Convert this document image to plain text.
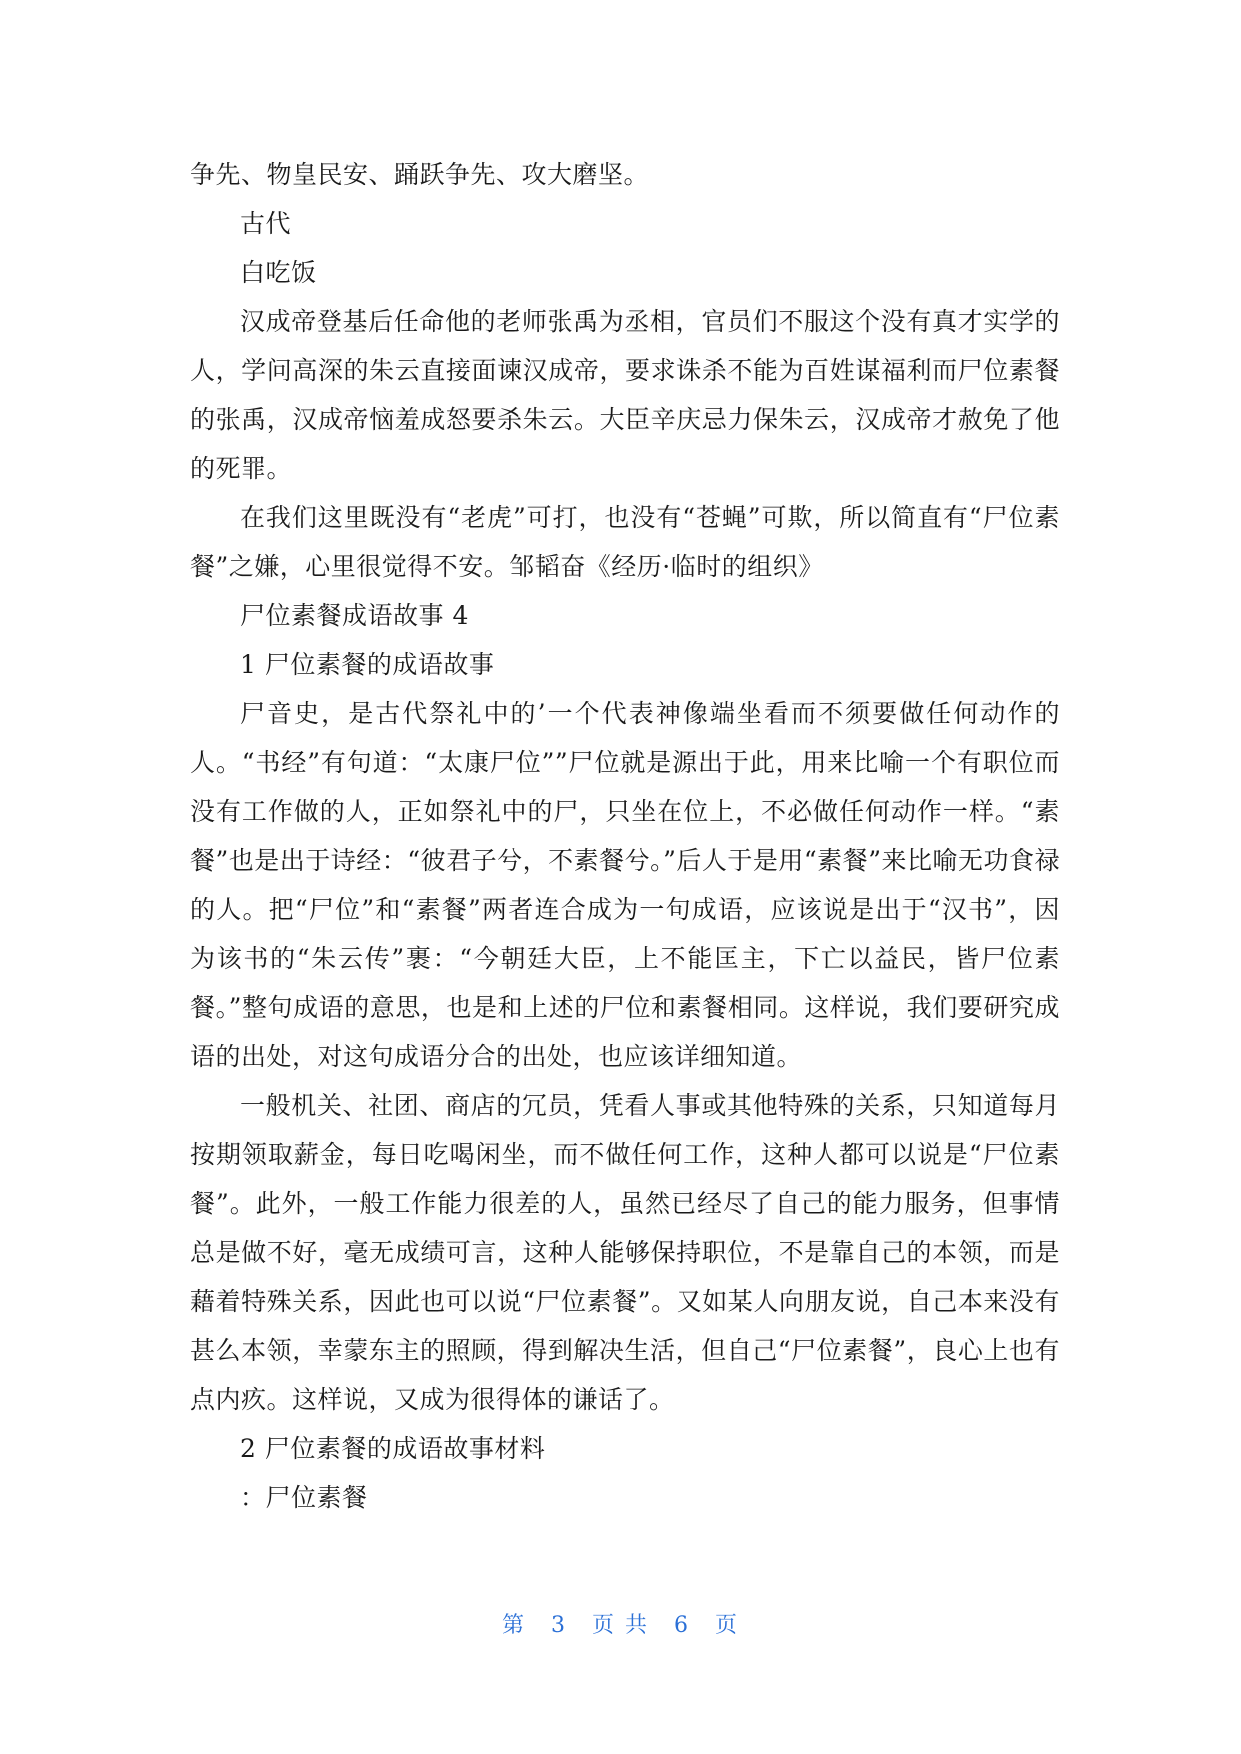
争先、物皇民安、踊跃争先、攻大磨坚。

古代

白吃饭

汉成帝登基后任命他的老师张禹为丞相，官员们不服这个没有真才实学的人，学问高深的朱云直接面谏汉成帝，要求诛杀不能为百姓谋福利而尸位素餐的张禹，汉成帝恼羞成怒要杀朱云。大臣辛庆忌力保朱云，汉成帝才赦免了他的死罪。

在我们这里既没有“老虎”可打，也没有“苍蝇”可欺，所以简直有“尸位素餐”之嫌，心里很觉得不安。邹韬奋《经历·临时的组织》

尸位素餐成语故事 4

1 尸位素餐的成语故事

尸音史，是古代祭礼中的’一个代表神像端坐看而不须要做任何动作的人。“书经”有句道：“太康尸位””尸位就是源出于此，用来比喻一个有职位而没有工作做的人，正如祭礼中的尸，只坐在位上，不必做任何动作一样。“素餐”也是出于诗经：“彼君子兮，不素餐兮。”后人于是用“素餐”来比喻无功食禄的人。把“尸位”和“素餐”两者连合成为一句成语，应该说是出于“汉书”，因为该书的“朱云传”裹：“今朝廷大臣，上不能匡主，下亡以益民，皆尸位素餐。”整句成语的意思，也是和上述的尸位和素餐相同。这样说，我们要研究成语的出处，对这句成语分合的出处，也应该详细知道。

一般机关、社团、商店的冗员，凭看人事或其他特殊的关系，只知道每月按期领取薪金，每日吃喝闲坐，而不做任何工作，这种人都可以说是“尸位素餐”。此外，一般工作能力很差的人，虽然已经尽了自己的能力服务，但事情总是做不好，毫无成绩可言，这种人能够保持职位，不是靠自己的本领，而是藉着特殊关系，因此也可以说“尸位素餐”。又如某人向朋友说，自己本来没有甚么本领，幸蒙东主的照顾，得到解决生活，但自己“尸位素餐”，良心上也有点内疚。这样说，又成为很得体的谦话了。

2 尸位素餐的成语故事材料

：尸位素餐

第 3 页 共 6 页
